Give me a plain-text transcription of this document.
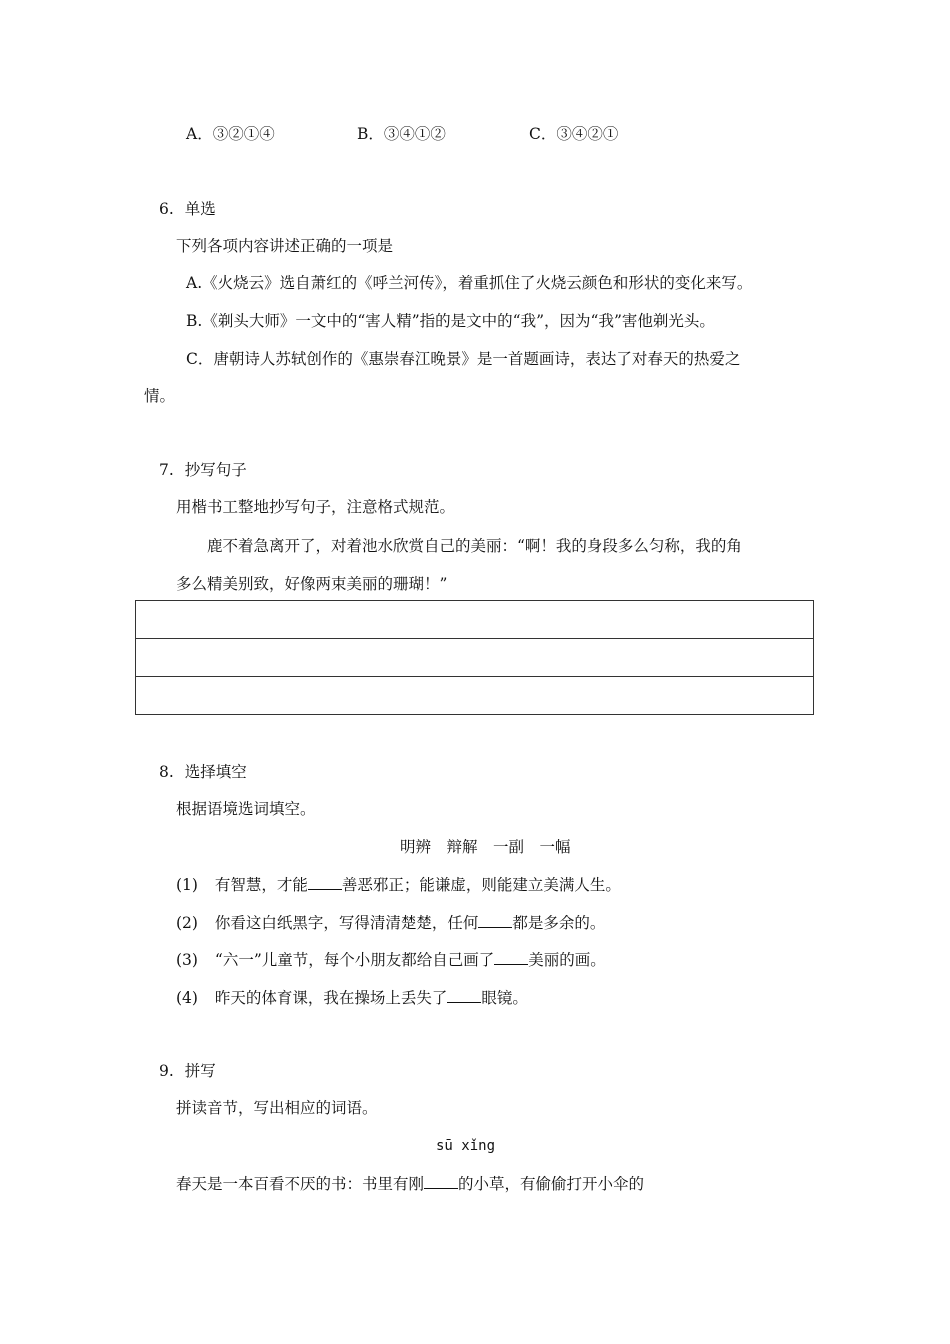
A．③②①④	B．③④①②	C．③④②①
6. 单选
下列各项内容讲述正确的一项是
A.《火烧云》选自萧红的《呼兰河传》，着重抓住了火烧云颜色和形状的变化来写。
B.《剃头大师》一文中的“害人精”指的是文中的“我”，因为“我”害他剃光头。
C．唐朝诗人苏轼创作的《惠崇春江晚景》是一首题画诗，表达了对春天的热爱之
情。
7. 抄写句子
用楷书工整地抄写句子，注意格式规范。
鹿不着急离开了，对着池水欣赏自己的美丽：“啊！我的身段多么匀称，我的角
多么精美别致，好像两束美丽的珊瑚！”
8. 选择填空
根据语境选词填空。
明辨　辩解　一副　一幅
(1) 有智慧，才能 善恶邪正；能谦虚，则能建立美满人生。
(2) 你看这白纸黑字，写得清清楚楚，任何 都是多余的。
(3) “六一”儿童节，每个小朋友都给自己画了 美丽的画。
(4) 昨天的体育课，我在操场上丢失了 眼镜。
9. 拼写
拼读音节，写出相应的词语。
sū xǐng
春天是一本百看不厌的书：书里有刚 的小草，有偷偷打开小伞的
